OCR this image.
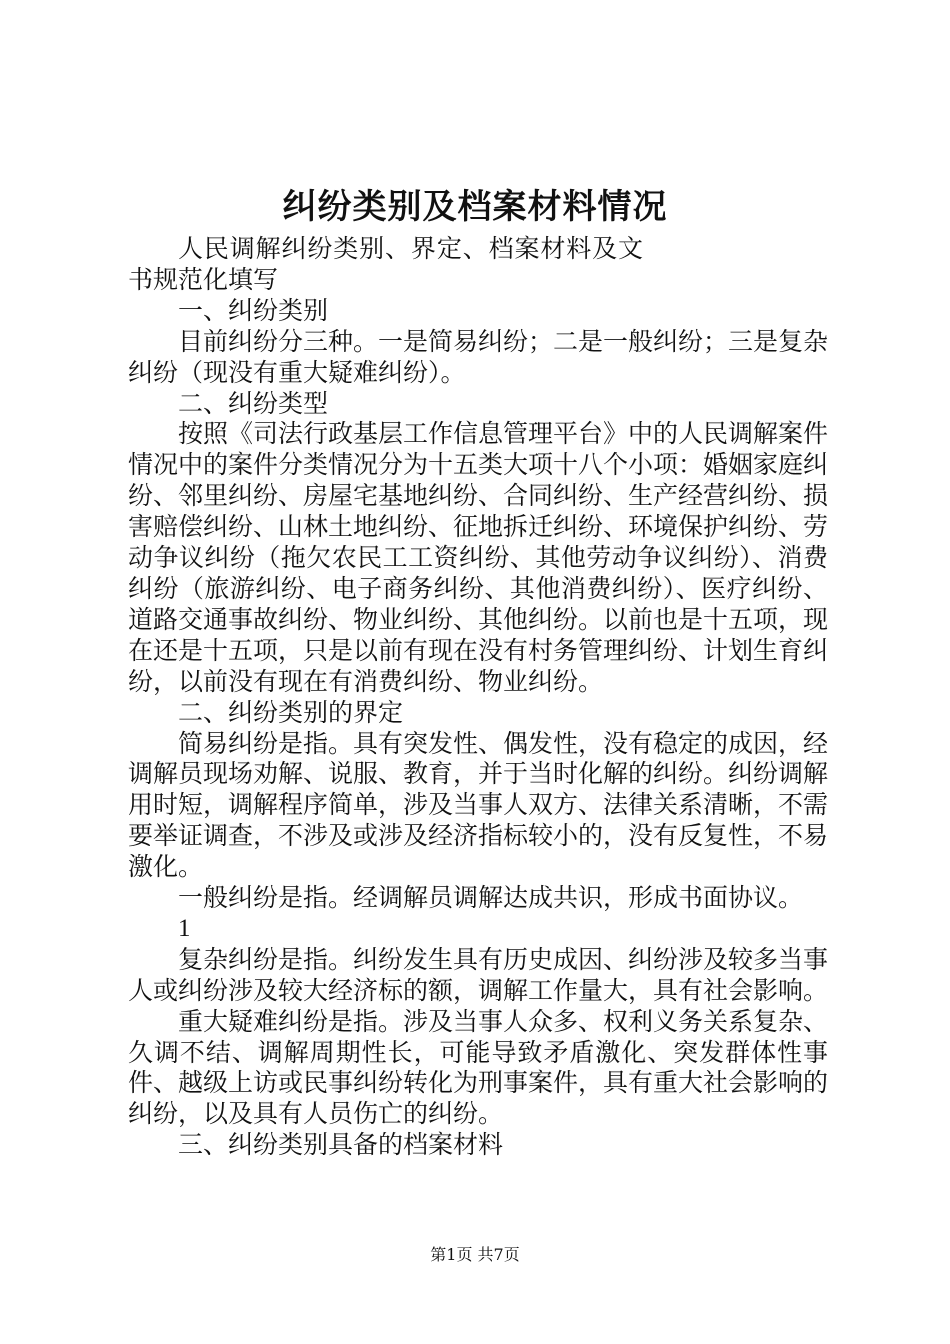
纠纷类别及档案材料情况

人民调解纠纷类别、界定、档案材料及文书规范化填写

一、纠纷类别

目前纠纷分三种。一是简易纠纷；二是一般纠纷；三是复杂纠纷（现没有重大疑难纠纷）。

二、纠纷类型

按照《司法行政基层工作信息管理平台》中的人民调解案件情况中的案件分类情况分为十五类大项十八个小项：婚姻家庭纠纷、邻里纠纷、房屋宅基地纠纷、合同纠纷、生产经营纠纷、损害赔偿纠纷、山林土地纠纷、征地拆迁纠纷、环境保护纠纷、劳动争议纠纷（拖欠农民工工资纠纷、其他劳动争议纠纷）、消费纠纷（旅游纠纷、电子商务纠纷、其他消费纠纷）、医疗纠纷、道路交通事故纠纷、物业纠纷、其他纠纷。以前也是十五项，现在还是十五项，只是以前有现在没有村务管理纠纷、计划生育纠纷，以前没有现在有消费纠纷、物业纠纷。

二、纠纷类别的界定

简易纠纷是指。具有突发性、偶发性，没有稳定的成因，经调解员现场劝解、说服、教育，并于当时化解的纠纷。纠纷调解用时短，调解程序简单，涉及当事人双方、法律关系清晰，不需要举证调查，不涉及或涉及经济指标较小的，没有反复性，不易激化。

一般纠纷是指。经调解员调解达成共识，形成书面协议。

1

复杂纠纷是指。纠纷发生具有历史成因、纠纷涉及较多当事人或纠纷涉及较大经济标的额，调解工作量大，具有社会影响。

重大疑难纠纷是指。涉及当事人众多、权利义务关系复杂、久调不结、调解周期性长，可能导致矛盾激化、突发群体性事件、越级上访或民事纠纷转化为刑事案件，具有重大社会影响的纠纷，以及具有人员伤亡的纠纷。

三、纠纷类别具备的档案材料

第1页 共7页
